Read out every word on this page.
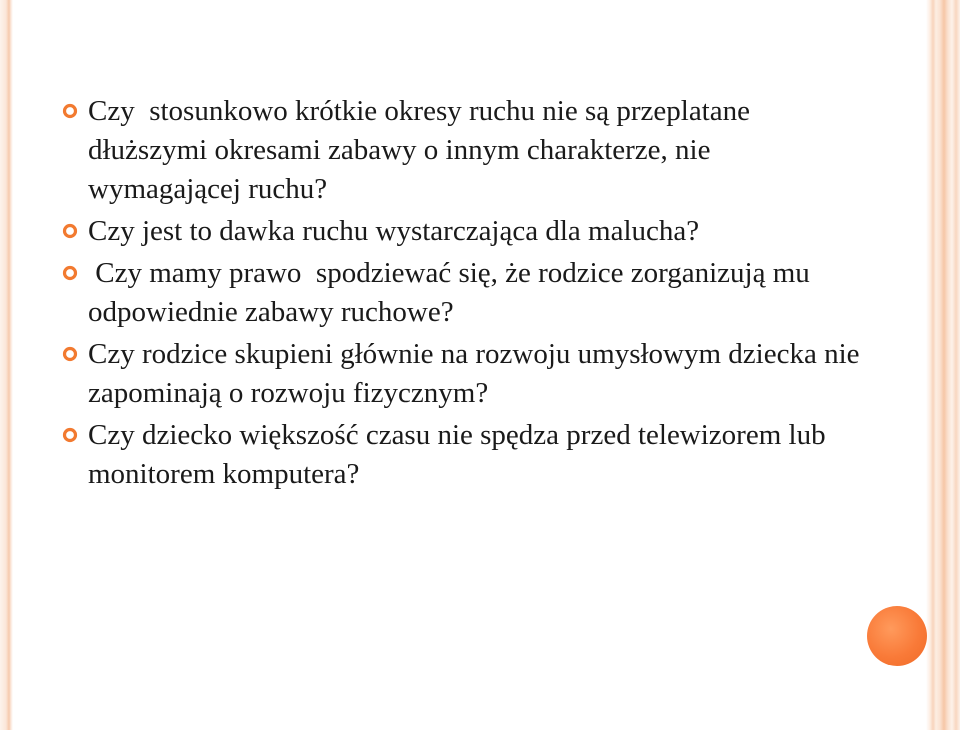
Czy  stosunkowo krótkie okresy ruchu nie są przeplatane dłuższymi okresami zabawy o innym charakterze, nie wymagającej ruchu?
Czy jest to dawka ruchu wystarczająca dla malucha?
Czy mamy prawo  spodziewać się, że rodzice zorganizują mu odpowiednie zabawy ruchowe?
Czy rodzice skupieni głównie na rozwoju umysłowym dziecka nie zapominają o rozwoju fizycznym?
Czy dziecko większość czasu nie spędza przed telewizorem lub monitorem komputera?
